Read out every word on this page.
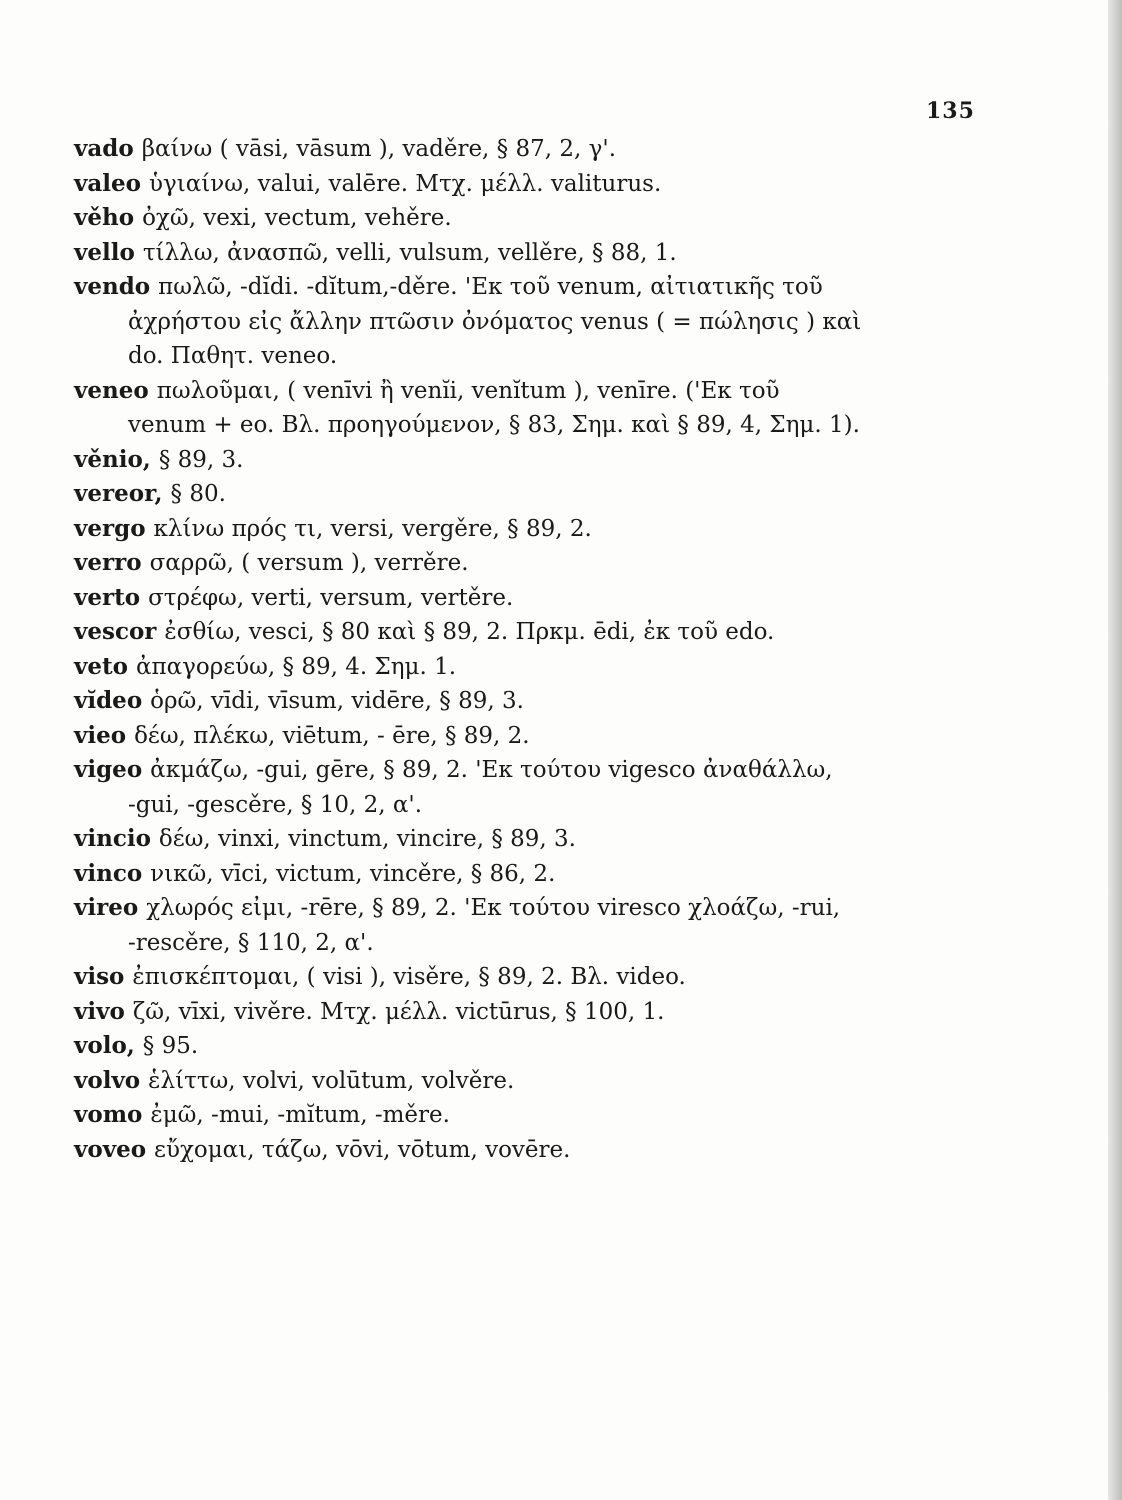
135
vado βαίνω ( vāsi, vāsum ), vaděre, § 87, 2, γ'.
valeo ὑγιαίνω, valui, valēre. Μτχ. μέλλ. valiturus.
věho ὀχῶ, vexi, vectum, vehěre.
vello τίλλω, ἀνασπῶ, velli, vulsum, vellěre, § 88, 1.
vendo πωλῶ, -dĭdi. -dĭtum,-děre. 'Εκ τοῦ venum, αἰτιατικῆς τοῦ
ἀχρήστου εἰς ἄλλην πτῶσιν ὀνόματος venus ( = πώλησις ) καὶ
do. Παθητ. veneo.
veneo πωλοῦμαι, ( venīvi ἢ venĭi, venĭtum ), venīre. ('Εκ τοῦ
venum + eo. Βλ. προηγούμενον, § 83, Σημ. καὶ § 89, 4, Σημ. 1).
věnio, § 89, 3.
vereor, § 80.
vergo κλίνω πρός τι, versi, vergěre, § 89, 2.
verro σαρρῶ, ( versum ), verrěre.
verto στρέφω, verti, versum, vertěre.
vescor ἐσθίω, vesci, § 80 καὶ § 89, 2. Πρκμ. ēdi, ἐκ τοῦ edo.
veto ἀπαγορεύω, § 89, 4. Σημ. 1.
vĭdeo ὁρῶ, vīdi, vīsum, vidēre, § 89, 3.
vieo δέω, πλέκω, viētum, - ēre, § 89, 2.
vigeo ἀκμάζω, -gui, gēre, § 89, 2. 'Εκ τούτου vigesco ἀναθάλλω,
-gui, -gescěre, § 10, 2, α'.
vincio δέω, vinxi, vinctum, vincire, § 89, 3.
vinco νικῶ, vīci, victum, vincěre, § 86, 2.
vireo χλωρός εἰμι, -rēre, § 89, 2. 'Εκ τούτου viresco χλοάζω, -rui,
-rescěre, § 110, 2, α'.
viso ἐπισκέπτομαι, ( visi ), visěre, § 89, 2. Βλ. video.
vivo ζῶ, vīxi, vivěre. Μτχ. μέλλ. victūrus, § 100, 1.
volo, § 95.
volvo ἑλίττω, volvi, volūtum, volvěre.
vomo ἐμῶ, -mui, -mĭtum, -měre.
voveo εὔχομαι, τάζω, vōvi, vōtum, vovēre.
